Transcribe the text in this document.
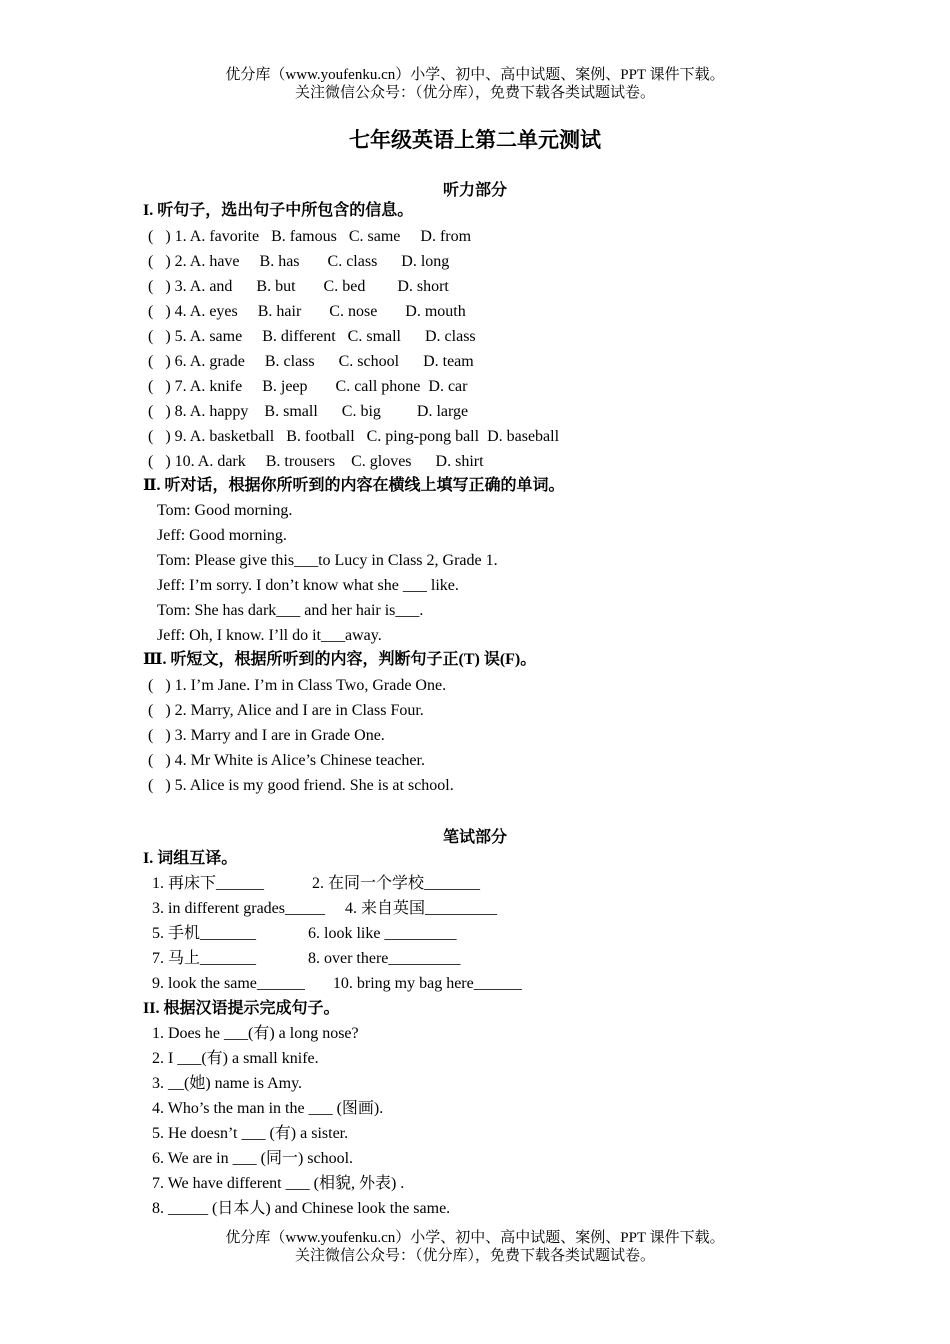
优分库（www.youfenku.cn）小学、初中、高中试题、案例、PPT 课件下载。
关注微信公众号：（优分库），免费下载各类试题试卷。
七年级英语上第二单元测试
听力部分
I. 听句子，选出句子中所包含的信息。
(   ) 1. A. favorite   B. famous   C. same     D. from
(   ) 2. A. have     B. has       C. class      D. long
(   ) 3. A. and      B. but       C. bed        D. short
(   ) 4. A. eyes     B. hair       C. nose       D. mouth
(   ) 5. A. same     B. different   C. small      D. class
(   ) 6. A. grade     B. class      C. school      D. team
(   ) 7. A. knife     B. jeep       C. call phone  D. car
(   ) 8. A. happy    B. small      C. big         D. large
(   ) 9. A. basketball   B. football   C. ping-pong ball  D. baseball
(   ) 10. A. dark     B. trousers    C. gloves      D. shirt
Ⅱ. 听对话，根据你所听到的内容在横线上填写正确的单词。
Tom: Good morning.
Jeff: Good morning.
Tom: Please give this___to Lucy in Class 2, Grade 1.
Jeff: I’m sorry. I don’t know what she ___ like.
Tom: She has dark___ and her hair is___.
Jeff: Oh, I know. I’ll do it___away.
Ⅲ. 听短文，根据所听到的内容，判断句子正(T) 误(F)。
(   ) 1. I’m Jane. I’m in Class Two, Grade One.
(   ) 2. Marry, Alice and I are in Class Four.
(   ) 3. Marry and I are in Grade One.
(   ) 4. Mr White is Alice’s Chinese teacher.
(   ) 5. Alice is my good friend. She is at school.
笔试部分
I. 词组互译。
1. 再床下______            2. 在同一个学校_______
3. in different grades_____     4. 来自英国_________
5. 手机_______             6. look like _________
7. 马上_______             8. over there_________
9. look the same______       10. bring my bag here______
II. 根据汉语提示完成句子。
1. Does he ___(有) a long nose?
2. I ___(有) a small knife.
3. __(她) name is Amy.
4. Who’s the man in the ___ (图画).
5. He doesn’t ___ (有) a sister.
6. We are in ___ (同一) school.
7. We have different ___ (相貌, 外表) .
8. _____ (日本人) and Chinese look the same.
优分库（www.youfenku.cn）小学、初中、高中试题、案例、PPT 课件下载。
关注微信公众号：（优分库），免费下载各类试题试卷。
